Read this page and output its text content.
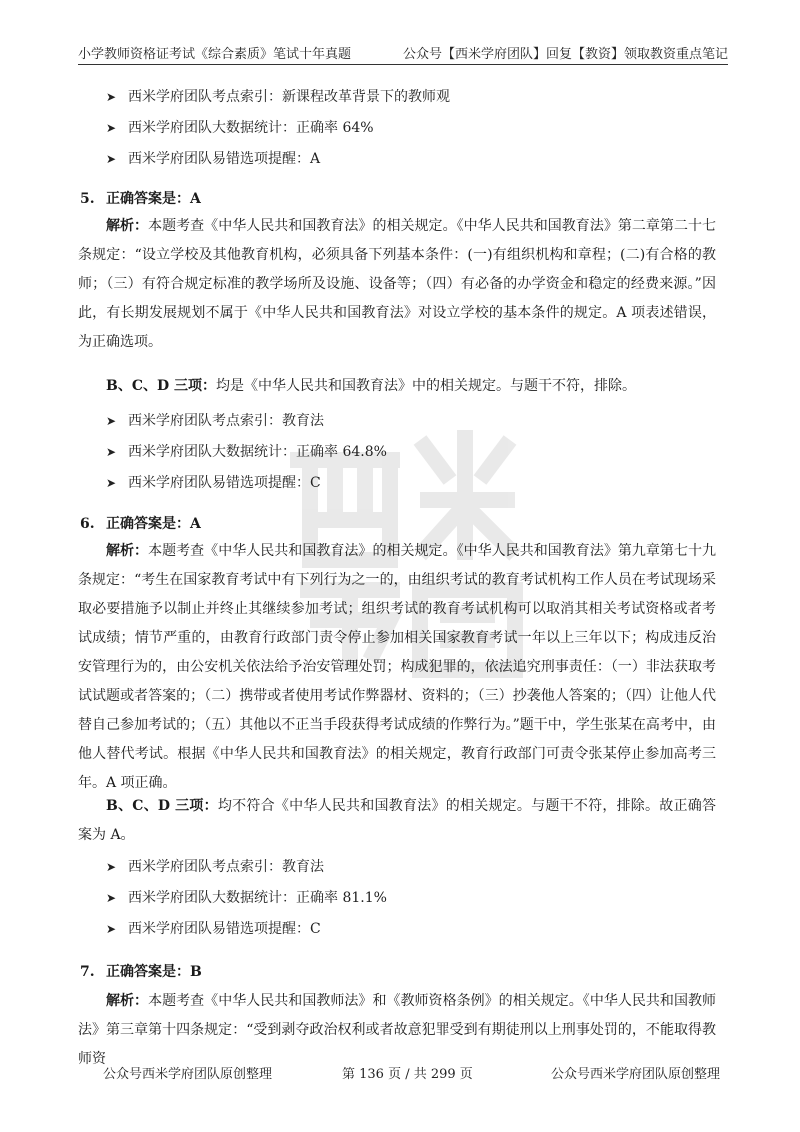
小学教师资格证考试《综合素质》笔试十年真题	公众号【西米学府团队】回复【教资】领取教资重点笔记
➤ 西米学府团队考点索引：新课程改革背景下的教师观
➤ 西米学府团队大数据统计：正确率 64%
➤ 西米学府团队易错选项提醒：A
5. 正确答案是：A

解析：本题考查《中华人民共和国教育法》的相关规定。《中华人民共和国教育法》第二章第二十七条规定：“设立学校及其他教育机构，必须具备下列基本条件：(一)有组织机构和章程；(二)有合格的教师；（三）有符合规定标准的教学场所及设施、设备等；（四）有必备的办学资金和稳定的经费来源。”因此，有长期发展规划不属于《中华人民共和国教育法》对设立学校的基本条件的规定。A 项表述错误，为正确选项。

B、C、D 三项：均是《中华人民共和国教育法》中的相关规定。与题干不符，排除。

➤ 西米学府团队考点索引：教育法
➤ 西米学府团队大数据统计：正确率 64.8%
➤ 西米学府团队易错选项提醒：C
6. 正确答案是：A

解析：本题考查《中华人民共和国教育法》的相关规定。《中华人民共和国教育法》第九章第七十九条规定：“考生在国家教育考试中有下列行为之一的，由组织考试的教育考试机构工作人员在考试现场采取必要措施予以制止并终止其继续参加考试；组织考试的教育考试机构可以取消其相关考试资格或者考试成绩；情节严重的，由教育行政部门责令停止参加相关国家教育考试一年以上三年以下；构成违反治安管理行为的，由公安机关依法给予治安管理处罚；构成犯罪的，依法追究刑事责任：（一）非法获取考试试题或者答案的；（二）携带或者使用考试作弊器材、资料的；（三）抄袭他人答案的；（四）让他人代替自己参加考试的；（五）其他以不正当手段获得考试成绩的作弊行为。”题干中，学生张某在高考中，由他人替代考试。根据《中华人民共和国教育法》的相关规定，教育行政部门可责令张某停止参加高考三年。A 项正确。

B、C、D 三项：均不符合《中华人民共和国教育法》的相关规定。与题干不符，排除。故正确答案为 A。

➤ 西米学府团队考点索引：教育法
➤ 西米学府团队大数据统计：正确率 81.1%
➤ 西米学府团队易错选项提醒：C
7. 正确答案是：B

解析：本题考查《中华人民共和国教师法》和《教师资格条例》的相关规定。《中华人民共和国教师法》第三章第十四条规定：“受到剥夺政治权利或者故意犯罪受到有期徒刑以上刑事处罚的，不能取得教师资

公众号西米学府团队原创整理	第 136 页 / 共 299 页	公众号西米学府团队原创整理
